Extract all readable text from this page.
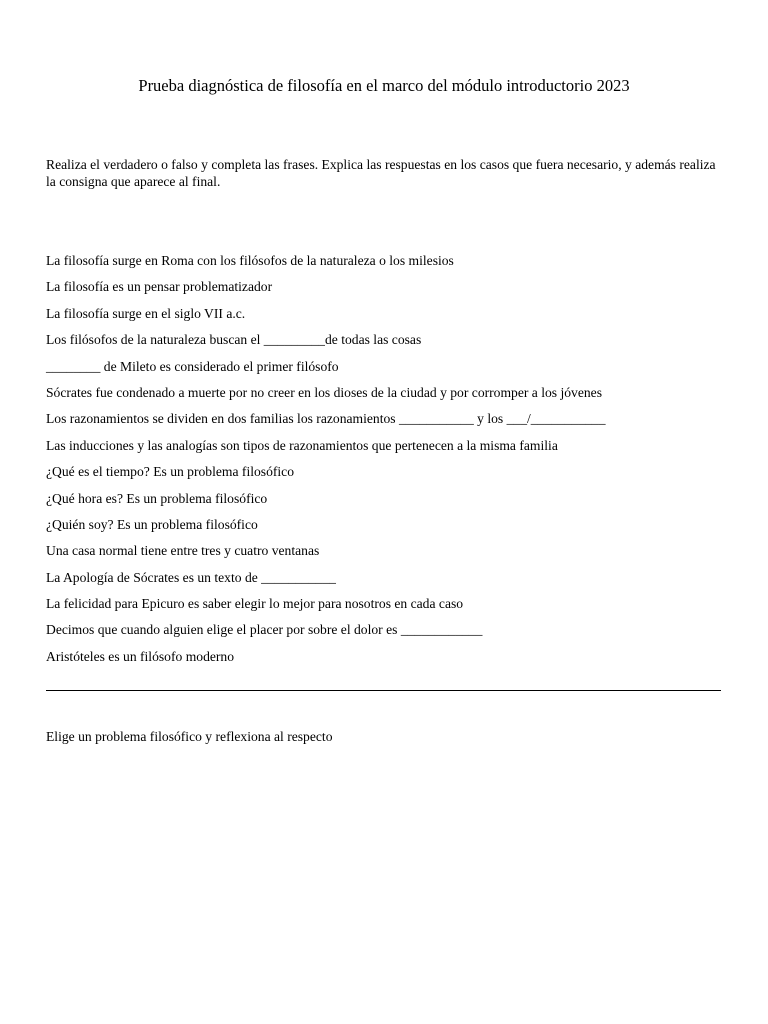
Prueba diagnóstica de filosofía en el marco del módulo introductorio 2023
Realiza el verdadero o falso y completa las frases. Explica las respuestas en los casos que fuera necesario, y además realiza la consigna que aparece al final.
La filosofía surge en Roma con los filósofos de la naturaleza o los milesios
La filosofía es un pensar problematizador
La filosofía surge en el siglo VII a.c.
Los filósofos de la naturaleza buscan el _________de todas las cosas
________ de Mileto es considerado el primer filósofo
Sócrates fue condenado a muerte por no creer en los dioses de la ciudad y por corromper a los jóvenes
Los razonamientos se dividen en dos familias los razonamientos ___________ y los ___/___________
Las inducciones y las analogías son tipos de razonamientos que pertenecen a la misma familia
¿Qué es el tiempo? Es un problema filosófico
¿Qué hora es? Es un problema filosófico
¿Quién soy? Es un problema filosófico
Una casa normal tiene entre tres y cuatro ventanas
La Apología de Sócrates es un texto de ___________
La felicidad para Epicuro es saber elegir lo mejor para nosotros en cada caso
Decimos que cuando alguien elige el placer por sobre el dolor es ____________
Aristóteles es un filósofo moderno
Elige un problema filosófico y reflexiona al respecto
